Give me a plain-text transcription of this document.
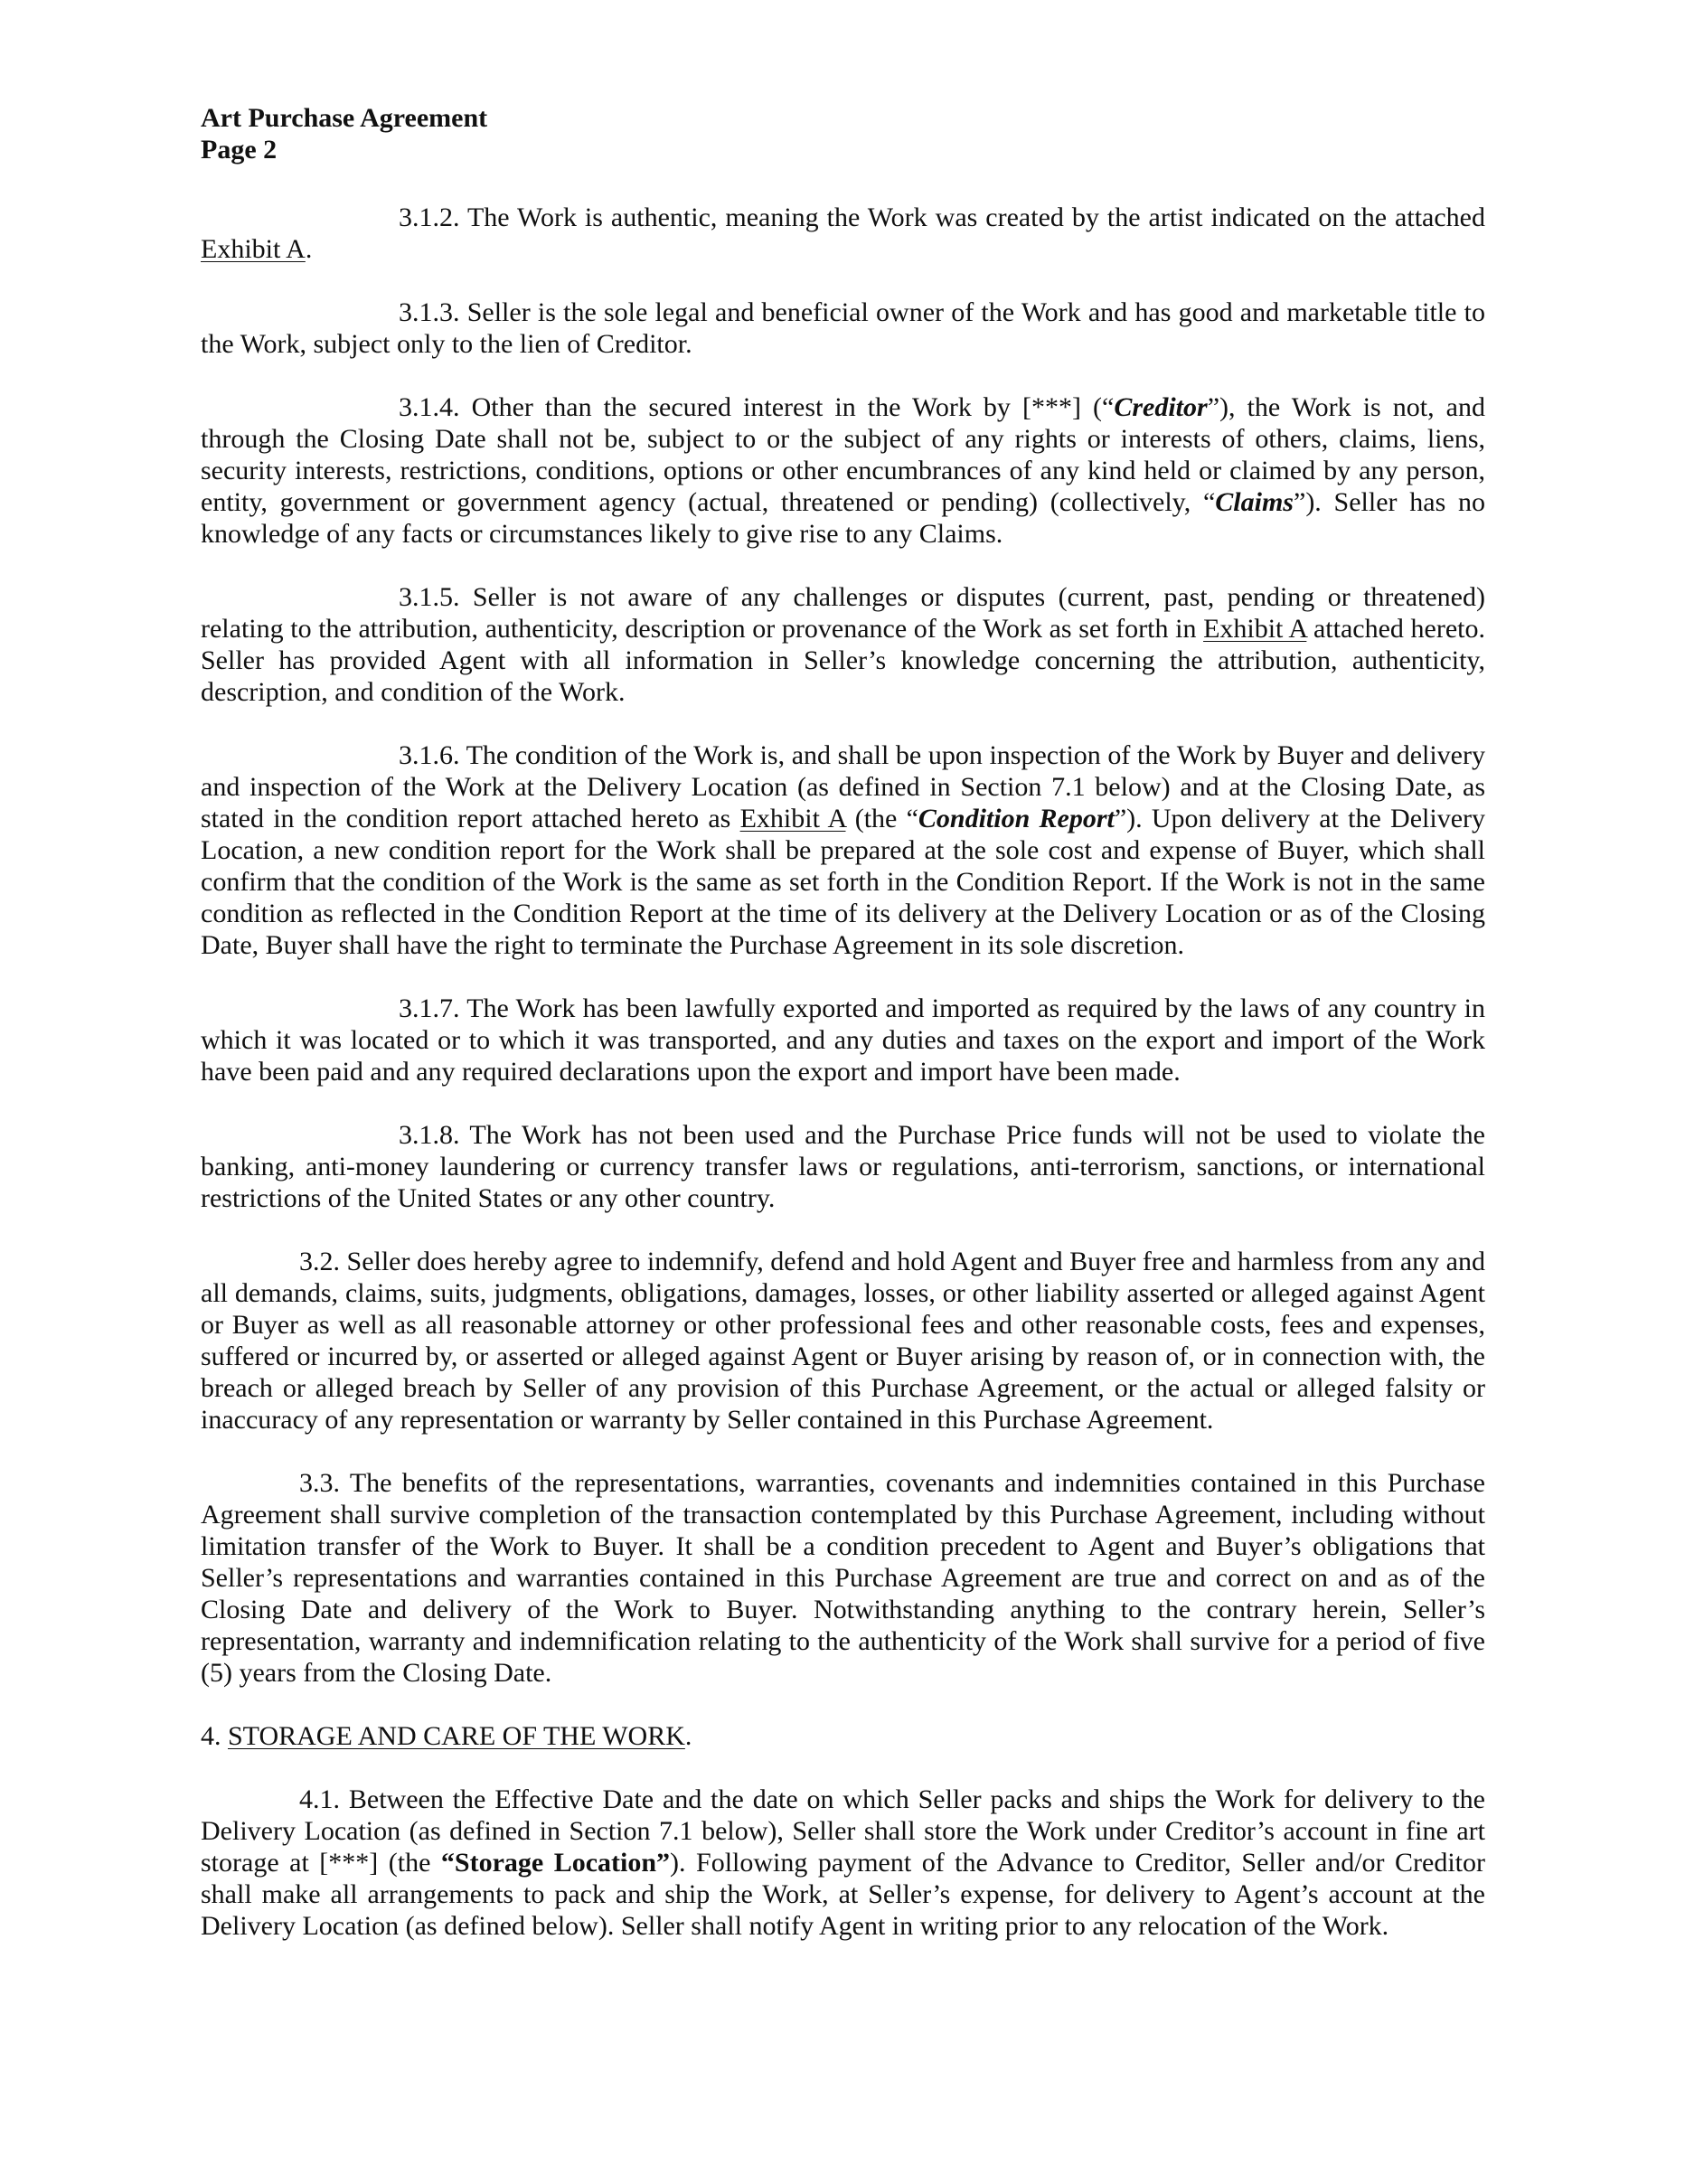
Art Purchase Agreement
Page 2

3.1.2. The Work is authentic, meaning the Work was created by the artist indicated on the attached Exhibit A.

3.1.3. Seller is the sole legal and beneficial owner of the Work and has good and marketable title to the Work, subject only to the lien of Creditor.

3.1.4. Other than the secured interest in the Work by [***] (“Creditor”), the Work is not, and through the Closing Date shall not be, subject to or the subject of any rights or interests of others, claims, liens, security interests, restrictions, conditions, options or other encumbrances of any kind held or claimed by any person, entity, government or government agency (actual, threatened or pending) (collectively, “Claims”). Seller has no knowledge of any facts or circumstances likely to give rise to any Claims.

3.1.5. Seller is not aware of any challenges or disputes (current, past, pending or threatened) relating to the attribution, authenticity, description or provenance of the Work as set forth in Exhibit A attached hereto. Seller has provided Agent with all information in Seller’s knowledge concerning the attribution, authenticity, description, and condition of the Work.

3.1.6. The condition of the Work is, and shall be upon inspection of the Work by Buyer and delivery and inspection of the Work at the Delivery Location (as defined in Section 7.1 below) and at the Closing Date, as stated in the condition report attached hereto as Exhibit A (the “Condition Report”). Upon delivery at the Delivery Location, a new condition report for the Work shall be prepared at the sole cost and expense of Buyer, which shall confirm that the condition of the Work is the same as set forth in the Condition Report. If the Work is not in the same condition as reflected in the Condition Report at the time of its delivery at the Delivery Location or as of the Closing Date, Buyer shall have the right to terminate the Purchase Agreement in its sole discretion.

3.1.7. The Work has been lawfully exported and imported as required by the laws of any country in which it was located or to which it was transported, and any duties and taxes on the export and import of the Work have been paid and any required declarations upon the export and import have been made.

3.1.8. The Work has not been used and the Purchase Price funds will not be used to violate the banking, anti-money laundering or currency transfer laws or regulations, anti-terrorism, sanctions, or international restrictions of the United States or any other country.

3.2. Seller does hereby agree to indemnify, defend and hold Agent and Buyer free and harmless from any and all demands, claims, suits, judgments, obligations, damages, losses, or other liability asserted or alleged against Agent or Buyer as well as all reasonable attorney or other professional fees and other reasonable costs, fees and expenses, suffered or incurred by, or asserted or alleged against Agent or Buyer arising by reason of, or in connection with, the breach or alleged breach by Seller of any provision of this Purchase Agreement, or the actual or alleged falsity or inaccuracy of any representation or warranty by Seller contained in this Purchase Agreement.

3.3. The benefits of the representations, warranties, covenants and indemnities contained in this Purchase Agreement shall survive completion of the transaction contemplated by this Purchase Agreement, including without limitation transfer of the Work to Buyer. It shall be a condition precedent to Agent and Buyer’s obligations that Seller’s representations and warranties contained in this Purchase Agreement are true and correct on and as of the Closing Date and delivery of the Work to Buyer. Notwithstanding anything to the contrary herein, Seller’s representation, warranty and indemnification relating to the authenticity of the Work shall survive for a period of five (5) years from the Closing Date.

4. STORAGE AND CARE OF THE WORK.

4.1. Between the Effective Date and the date on which Seller packs and ships the Work for delivery to the Delivery Location (as defined in Section 7.1 below), Seller shall store the Work under Creditor’s account in fine art storage at [***] (the “Storage Location”). Following payment of the Advance to Creditor, Seller and/or Creditor shall make all arrangements to pack and ship the Work, at Seller’s expense, for delivery to Agent’s account at the Delivery Location (as defined below). Seller shall notify Agent in writing prior to any relocation of the Work.
